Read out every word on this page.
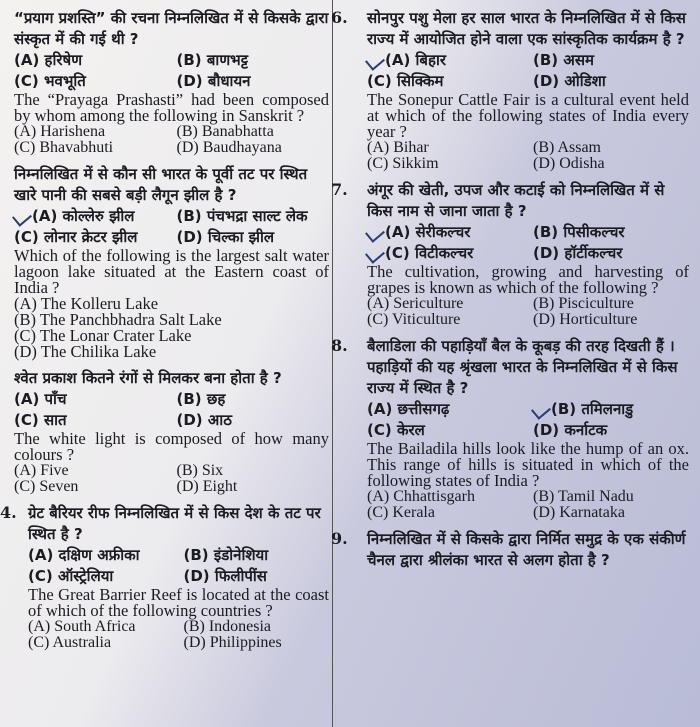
“प्रयाग प्रशस्ति” की रचना निम्नलिखित में से किसके द्वारा संस्कृत में की गई थी ?
(A) हरिषेण	(B) बाणभट्ट
(C) भवभूति	(D) बौधायन
The “Prayaga Prashasti” had been composed by whom among the following in Sanskrit ?
(A) Harishena	(B) Banabhatta
(C) Bhavabhuti	(D) Baudhayana
निम्नलिखित में से कौन सी भारत के पूर्वी तट पर स्थित खारे पानी की सबसे बड़ी लैगून झील है ?
(A) कोल्लेरु झील	(B) पंचभद्रा साल्ट लेक
(C) लोनार क्रेटर झील	(D) चिल्का झील
Which of the following is the largest salt water lagoon lake situated at the Eastern coast of India ?
(A) The Kolleru Lake
(B) The Panchbhadra Salt Lake
(C) The Lonar Crater Lake
(D) The Chilika Lake
श्वेत प्रकाश कितने रंगों से मिलकर बना होता है ?
(A) पाँच	(B) छह
(C) सात	(D) आठ
The white light is composed of how many colours ?
(A) Five	(B) Six
(C) Seven	(D) Eight
4. ग्रेट बैरियर रीफ निम्नलिखित में से किस देश के तट पर स्थित है ?
(A) दक्षिण अफ्रीका	(B) इंडोनेशिया
(C) ऑस्ट्रेलिया	(D) फिलीपींस
The Great Barrier Reef is located at the coast of which of the following countries ?
(A) South Africa	(B) Indonesia
(C) Australia	(D) Philippines
6. सोनपुर पशु मेला हर साल भारत के निम्नलिखित में से किस राज्य में आयोजित होने वाला एक सांस्कृतिक कार्यक्रम है ?
(A) बिहार	(B) असम
(C) सिक्किम	(D) ओडिशा
The Sonepur Cattle Fair is a cultural event held at which of the following states of India every year ?
(A) Bihar	(B) Assam
(C) Sikkim	(D) Odisha
7. अंगूर की खेती, उपज और कटाई को निम्नलिखित में से किस नाम से जाना जाता है ?
(A) सेरीकल्चर	(B) पिसीकल्चर
(C) विटीकल्चर	(D) हॉर्टीकल्चर
The cultivation, growing and harvesting of grapes is known as which of the following ?
(A) Sericulture	(B) Pisciculture
(C) Viticulture	(D) Horticulture
8. बैलाडिला की पहाड़ियाँ बैल के कूबड़ की तरह दिखती हैं । पहाड़ियों की यह श्रृंखला भारत के निम्नलिखित में से किस राज्य में स्थित है ?
(A) छत्तीसगढ़	(B) तमिलनाडु
(C) केरल	(D) कर्नाटक
The Bailadila hills look like the hump of an ox. This range of hills is situated in which of the following states of India ?
(A) Chhattisgarh	(B) Tamil Nadu
(C) Kerala	(D) Karnataka
9. निम्नलिखित में से किसके द्वारा निर्मित समुद्र के एक संकीर्ण चैनल द्वारा श्रीलंका भारत से अलग होता है ?
